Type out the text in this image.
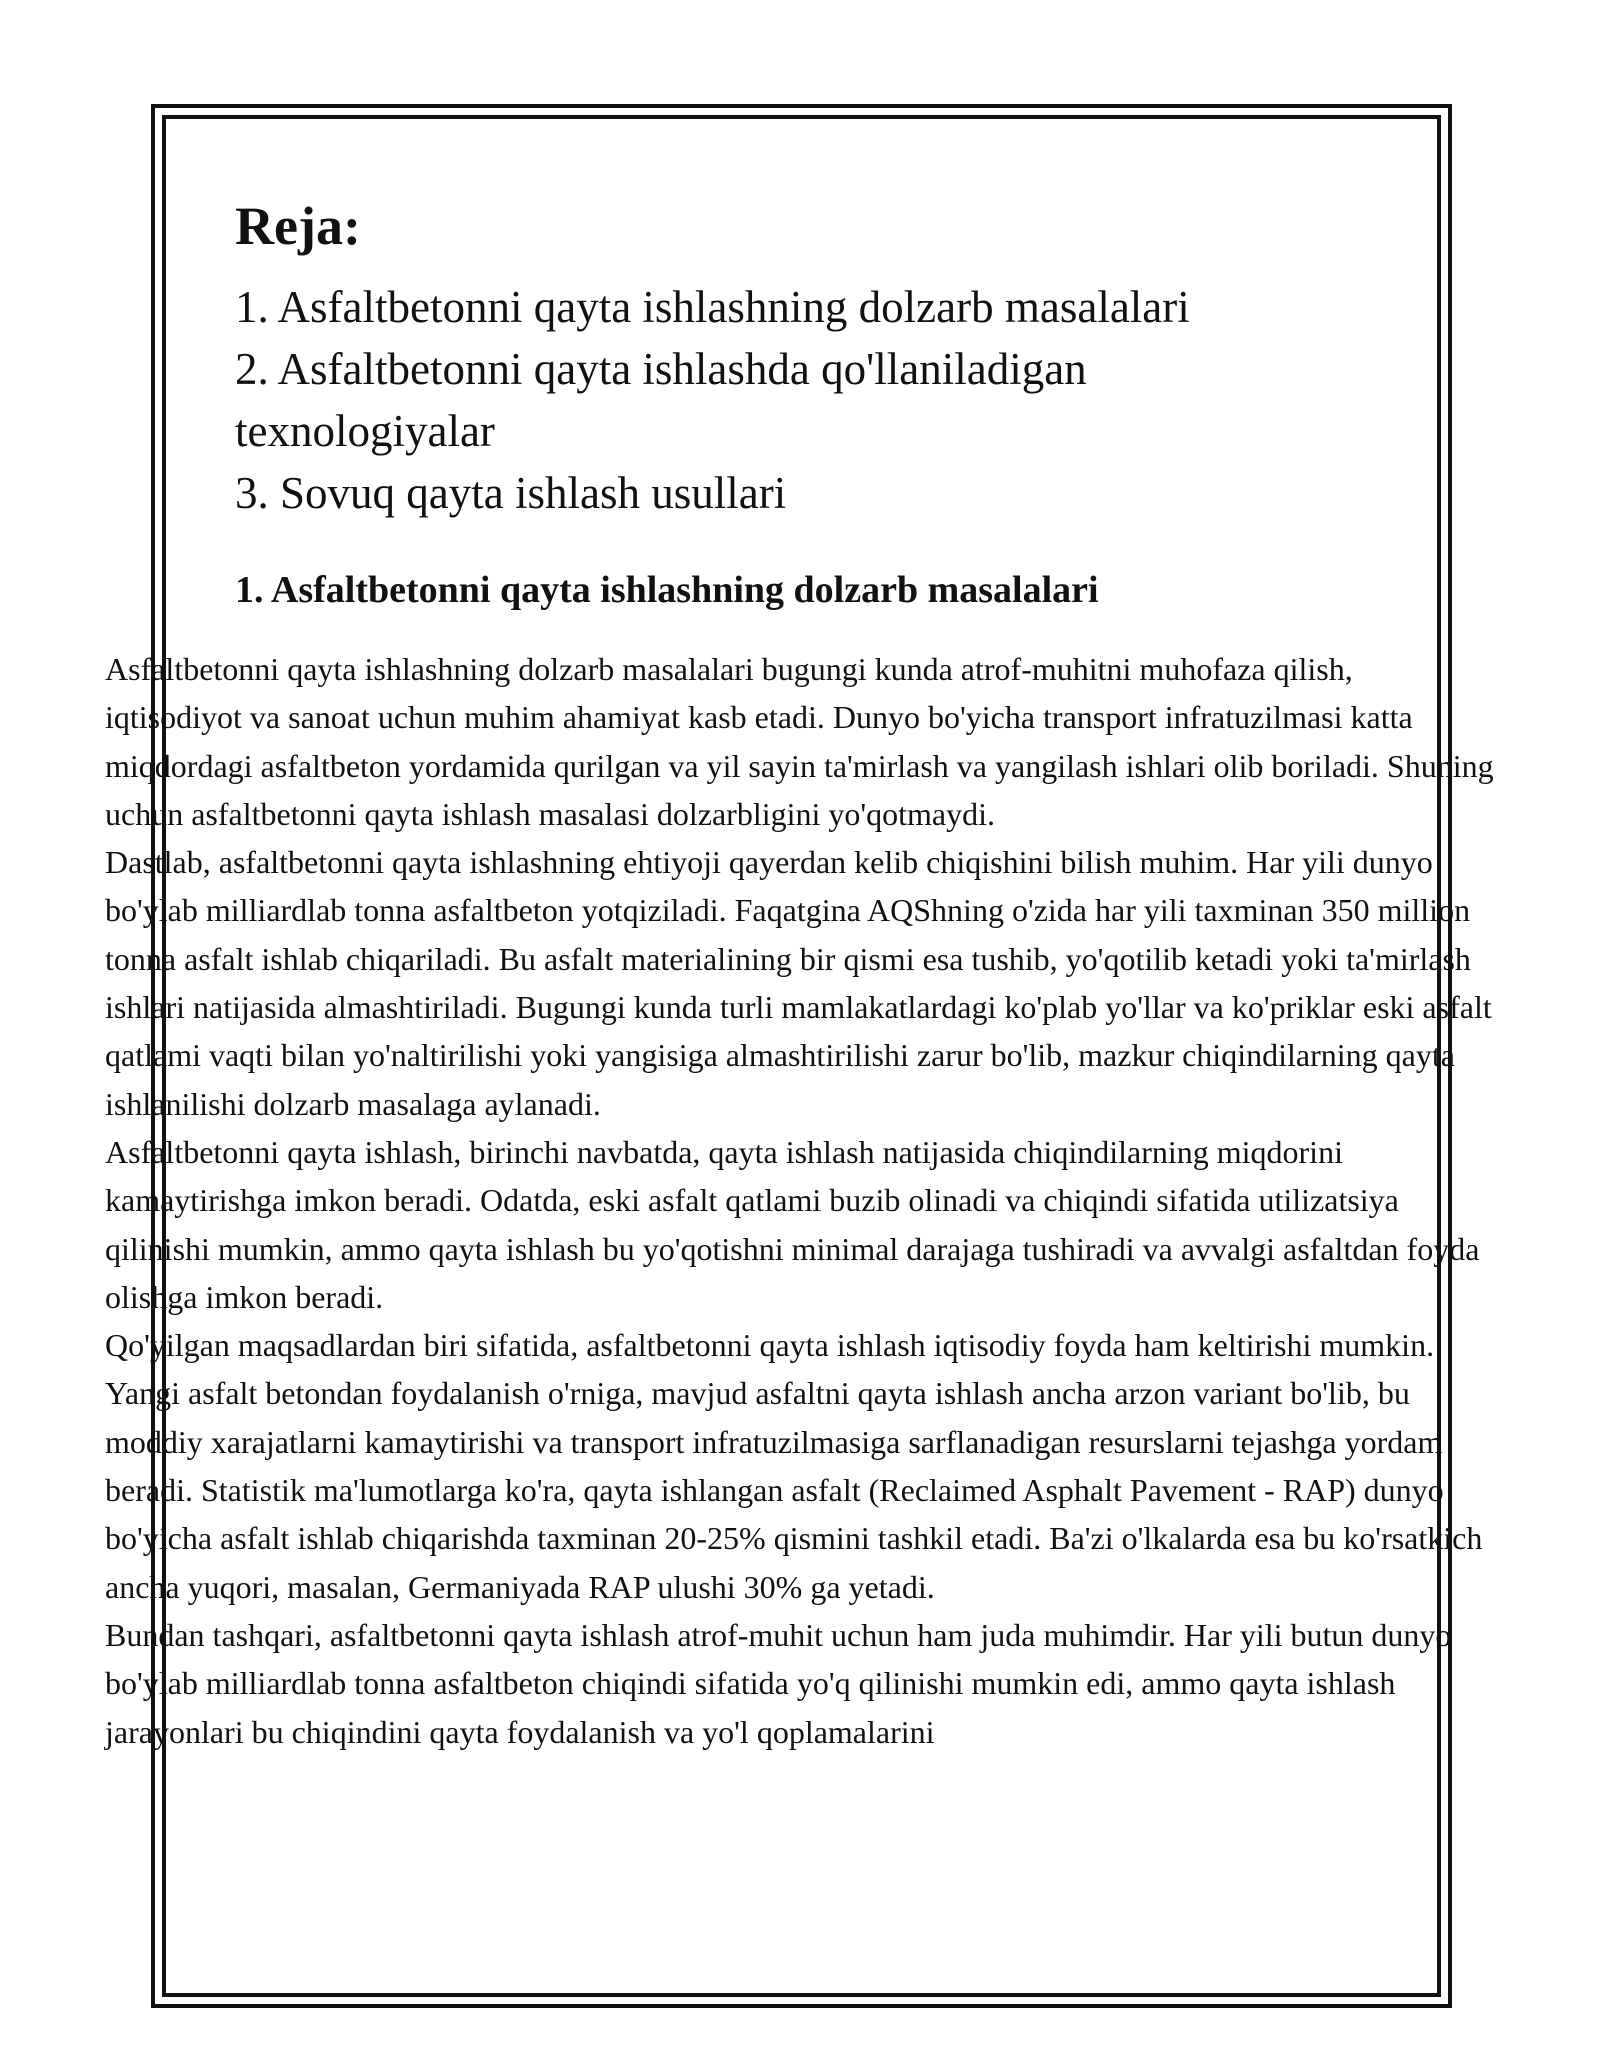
Reja:
1. Asfaltbetonni qayta ishlashning dolzarb masalalari
2. Asfaltbetonni qayta ishlashda qo'llaniladigan texnologiyalar
3. Sovuq qayta ishlash usullari
1. Asfaltbetonni qayta ishlashning dolzarb masalalari

Asfaltbetonni qayta ishlashning dolzarb masalalari bugungi kunda atrof-muhitni muhofaza qilish, iqtisodiyot va sanoat uchun muhim ahamiyat kasb etadi. Dunyo bo'yicha transport infratuzilmasi katta miqdordagi asfaltbeton yordamida qurilgan va yil sayin ta'mirlash va yangilash ishlari olib boriladi. Shuning uchun asfaltbetonni qayta ishlash masalasi dolzarbligini yo'qotmaydi.

Dastlab, asfaltbetonni qayta ishlashning ehtiyoji qayerdan kelib chiqishini bilish muhim. Har yili dunyo bo'ylab milliardlab tonna asfaltbeton yotqiziladi. Faqatgina AQShning o'zida har yili taxminan 350 million tonna asfalt ishlab chiqariladi. Bu asfalt materialining bir qismi esa tushib, yo'qotilib ketadi yoki ta'mirlash ishlari natijasida almashtiriladi. Bugungi kunda turli mamlakatlardagi ko'plab yo'llar va ko'priklar eski asfalt qatlami vaqti bilan yo'naltirilishi yoki yangisiga almashtirilishi zarur bo'lib, mazkur chiqindilarning qayta ishlanilishi dolzarb masalaga aylanadi.

Asfaltbetonni qayta ishlash, birinchi navbatda, qayta ishlash natijasida chiqindilarning miqdorini kamaytirishga imkon beradi. Odatda, eski asfalt qatlami buzib olinadi va chiqindi sifatida utilizatsiya qilinishi mumkin, ammo qayta ishlash bu yo'qotishni minimal darajaga tushiradi va avvalgi asfaltdan foyda olishga imkon beradi.

Qo'yilgan maqsadlardan biri sifatida, asfaltbetonni qayta ishlash iqtisodiy foyda ham keltirishi mumkin. Yangi asfalt betondan foydalanish o'rniga, mavjud asfaltni qayta ishlash ancha arzon variant bo'lib, bu moddiy xarajatlarni kamaytirishi va transport infratuzilmasiga sarflanadigan resurslarni tejashga yordam beradi. Statistik ma'lumotlarga ko'ra, qayta ishlangan asfalt (Reclaimed Asphalt Pavement - RAP) dunyo bo'yicha asfalt ishlab chiqarishda taxminan 20-25% qismini tashkil etadi. Ba'zi o'lkalarda esa bu ko'rsatkich ancha yuqori, masalan, Germaniyada RAP ulushi 30% ga yetadi.

Bundan tashqari, asfaltbetonni qayta ishlash atrof-muhit uchun ham juda muhimdir. Har yili butun dunyo bo'ylab milliardlab tonna asfaltbeton chiqindi sifatida yo'q qilinishi mumkin edi, ammo qayta ishlash jarayonlari bu chiqindini qayta foydalanish va yo'l qoplamalarini
